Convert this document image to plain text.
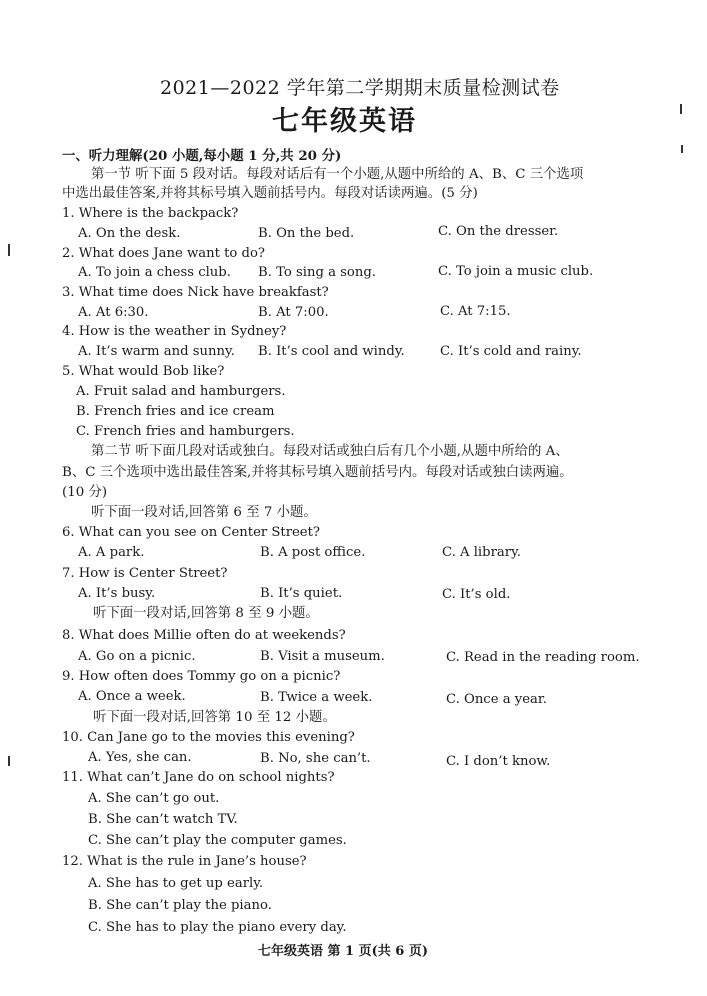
2021—2022 学年第二学期期末质量检测试卷
七年级英语
一、听力理解(20 小题,每小题 1 分,共 20 分)
第一节 听下面 5 段对话。每段对话后有一个小题,从题中所给的 A、B、C 三个选项
中选出最佳答案,并将其标号填入题前括号内。每段对话读两遍。(5 分)
1. Where is the backpack?
A. On the desk.	B. On the bed.	C. On the dresser.
2. What does Jane want to do?
A. To join a chess club. B. To sing a song.	C. To join a music club.
3. What time does Nick have breakfast?
A. At 6:30.	B. At 7:00.	C. At 7:15.
4. How is the weather in Sydney?
A. It’s warm and sunny. B. It’s cool and windy.	C. It’s cold and rainy.
5. What would Bob like?
A. Fruit salad and hamburgers.
B. French fries and ice cream
C. French fries and hamburgers.
第二节 听下面几段对话或独白。每段对话或独白后有几个小题,从题中所给的 A、
B、C 三个选项中选出最佳答案,并将其标号填入题前括号内。每段对话或独白读两遍。
(10 分)
听下面一段对话,回答第 6 至 7 小题。
6. What can you see on Center Street?
A. A park.	B. A post office.	C. A library.
7. How is Center Street?
A. It’s busy.	B. It’s quiet.	C. It’s old.
听下面一段对话,回答第 8 至 9 小题。
8. What does Millie often do at weekends?
A. Go on a picnic.	B. Visit a museum.	C. Read in the reading room.
9. How often does Tommy go on a picnic?
A. Once a week.	B. Twice a week.	C. Once a year.
听下面一段对话,回答第 10 至 12 小题。
10. Can Jane go to the movies this evening?
A. Yes, she can.	B. No, she can’t.	C. I don’t know.
11. What can’t Jane do on school nights?
A. She can’t go out.
B. She can’t watch TV.
C. She can’t play the computer games.
12. What is the rule in Jane’s house?
A. She has to get up early.
B. She can’t play the piano.
C. She has to play the piano every day.
七年级英语 第 1 页(共 6 页)
